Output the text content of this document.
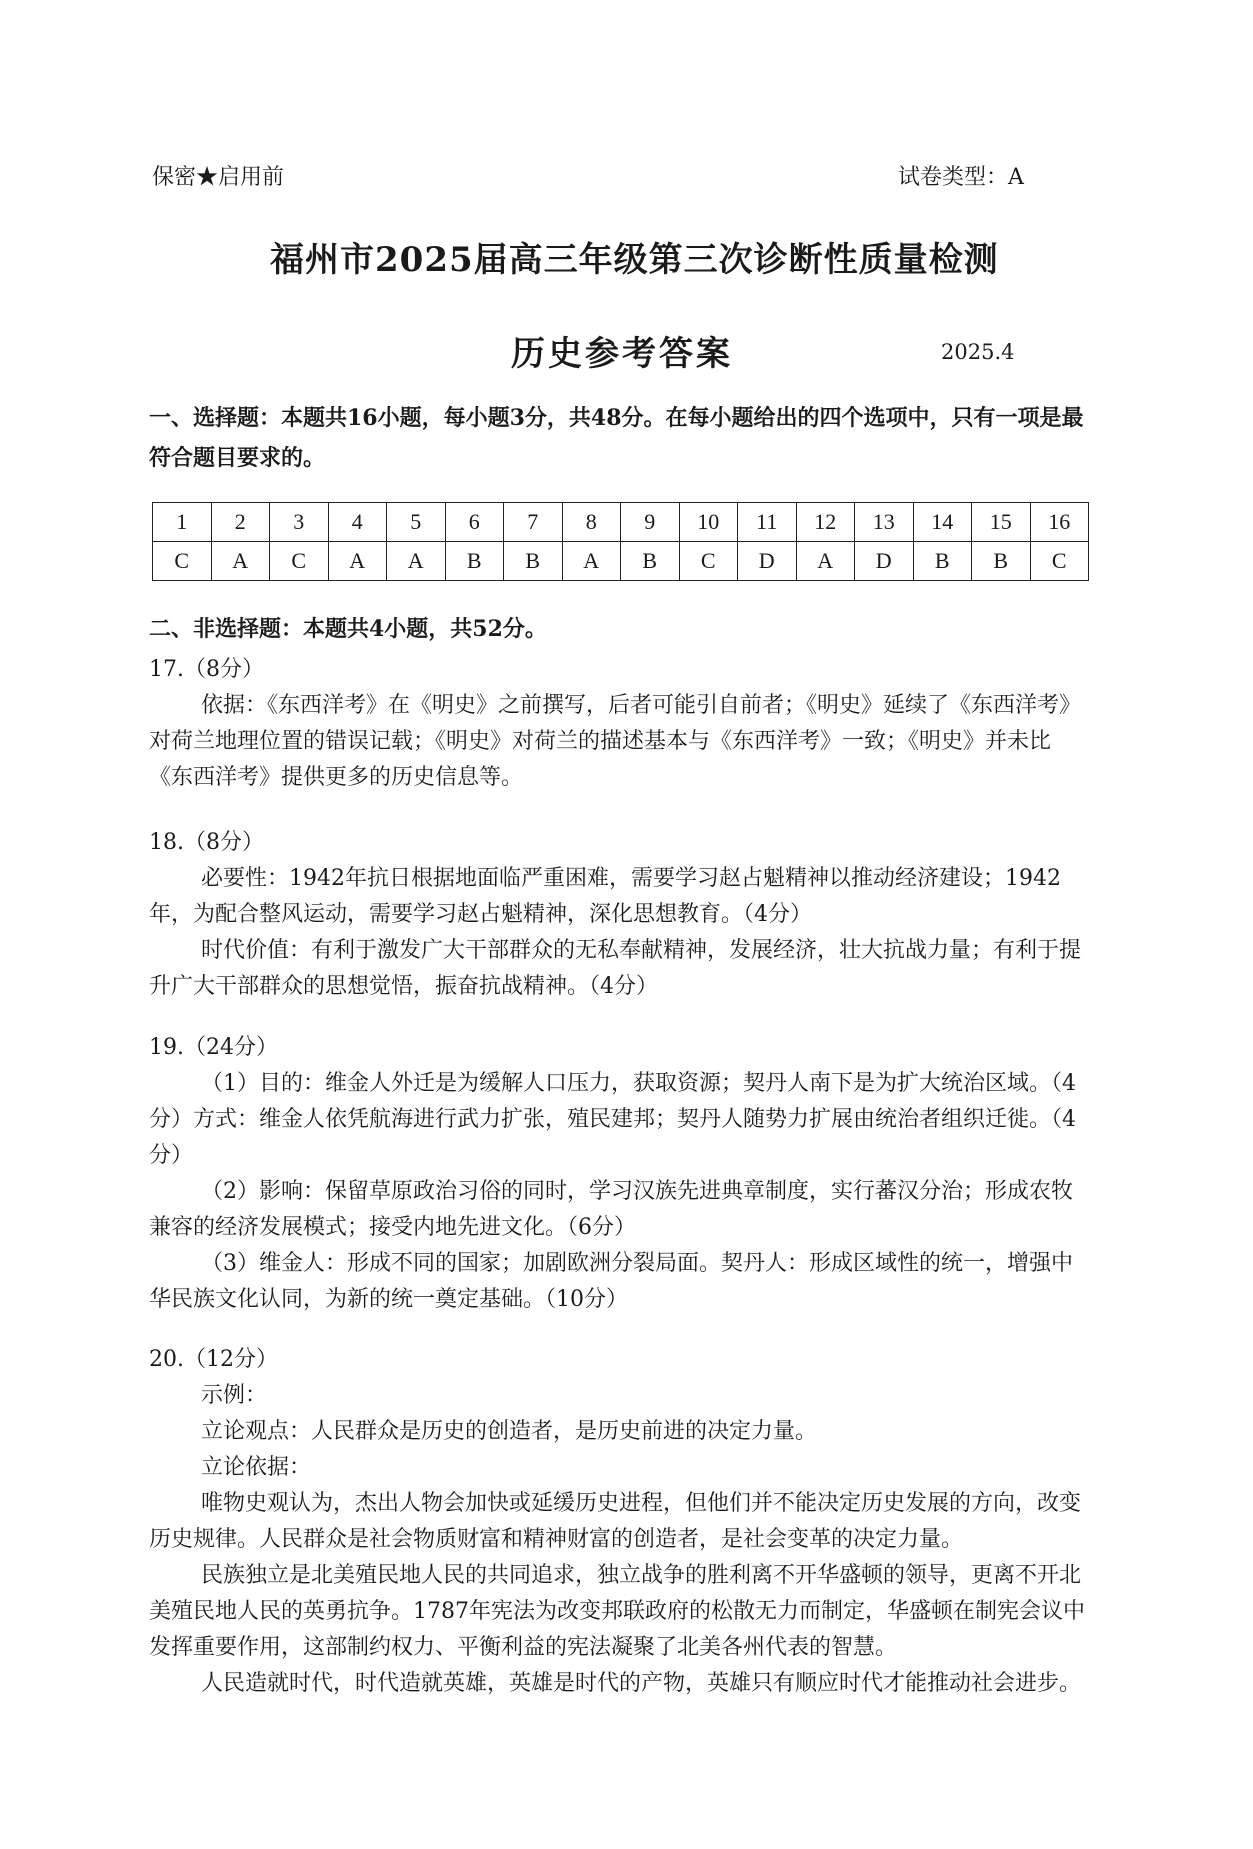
保密★启用前	试卷类型：A
福州市2025届高三年级第三次诊断性质量检测
历史参考答案	2025.4
一、选择题：本题共16小题，每小题3分，共48分。在每小题给出的四个选项中，只有一项是最符合题目要求的。
1	2	3	4	5	6	7	8	9	10	11	12	13	14	15	16
C	A	C	A	A	B	B	A	B	C	D	A	D	B	B	C
二、非选择题：本题共4小题，共52分。
17.（8分）

依据：《东西洋考》在《明史》之前撰写，后者可能引自前者；《明史》延续了《东西洋考》对荷兰地理位置的错误记载；《明史》对荷兰的描述基本与《东西洋考》一致；《明史》并未比《东西洋考》提供更多的历史信息等。

18.（8分）

必要性：1942年抗日根据地面临严重困难，需要学习赵占魁精神以推动经济建设；1942年，为配合整风运动，需要学习赵占魁精神，深化思想教育。（4分）

时代价值：有利于激发广大干部群众的无私奉献精神，发展经济，壮大抗战力量；有利于提升广大干部群众的思想觉悟，振奋抗战精神。（4分）

19.（24分）

（1）目的：维金人外迁是为缓解人口压力，获取资源；契丹人南下是为扩大统治区域。（4分）方式：维金人依凭航海进行武力扩张，殖民建邦；契丹人随势力扩展由统治者组织迁徙。（4分）

（2）影响：保留草原政治习俗的同时，学习汉族先进典章制度，实行蕃汉分治；形成农牧兼容的经济发展模式；接受内地先进文化。（6分）

（3）维金人：形成不同的国家；加剧欧洲分裂局面。契丹人：形成区域性的统一，增强中华民族文化认同，为新的统一奠定基础。（10分）

20.（12分）

示例：

立论观点：人民群众是历史的创造者，是历史前进的决定力量。

立论依据：

唯物史观认为，杰出人物会加快或延缓历史进程，但他们并不能决定历史发展的方向，改变历史规律。人民群众是社会物质财富和精神财富的创造者，是社会变革的决定力量。

民族独立是北美殖民地人民的共同追求，独立战争的胜利离不开华盛顿的领导，更离不开北美殖民地人民的英勇抗争。1787年宪法为改变邦联政府的松散无力而制定，华盛顿在制宪会议中发挥重要作用，这部制约权力、平衡利益的宪法凝聚了北美各州代表的智慧。

人民造就时代，时代造就英雄，英雄是时代的产物，英雄只有顺应时代才能推动社会进步。
